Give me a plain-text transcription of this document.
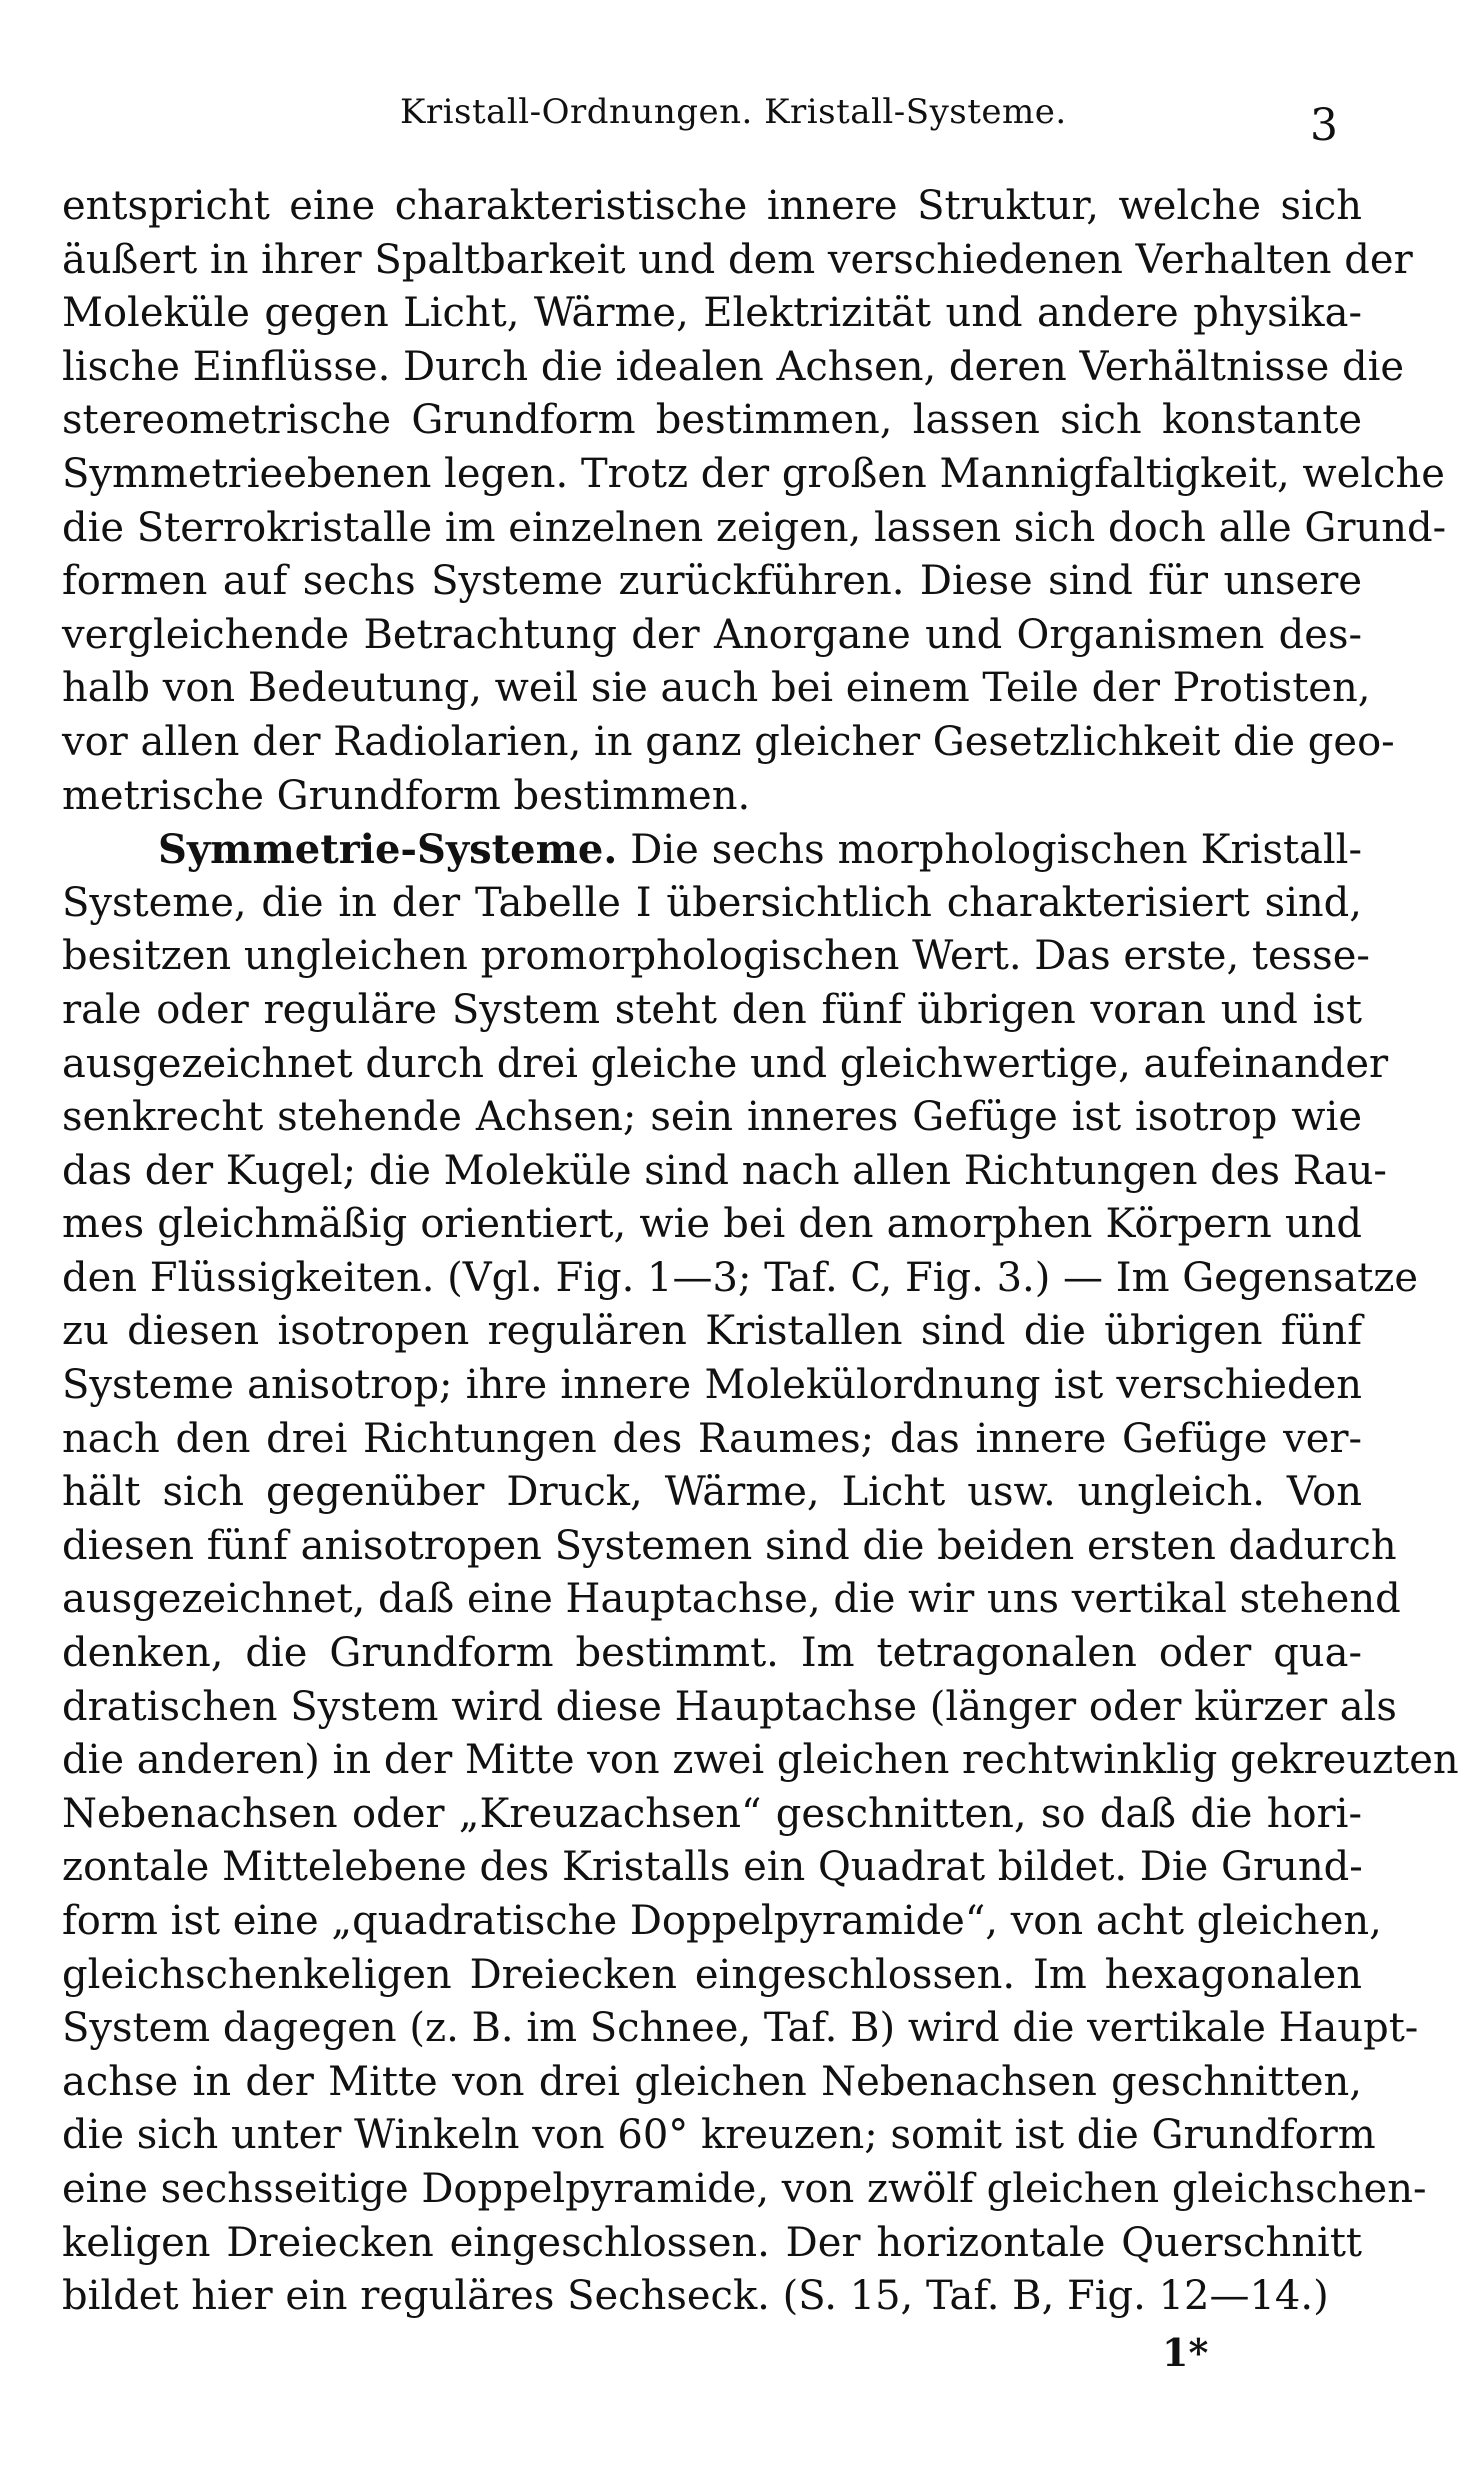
Kristall-Ordnungen. Kristall-Systeme.	3
entspricht eine charakteristische innere Struktur, welche sich
äußert in ihrer Spaltbarkeit und dem verschiedenen Verhalten der
Moleküle gegen Licht, Wärme, Elektrizität und andere physika-
lische Einflüsse. Durch die idealen Achsen, deren Verhältnisse die
stereometrische Grundform bestimmen, lassen sich konstante
Symmetrieebenen legen. Trotz der großen Mannigfaltigkeit, welche
die Sterrokristalle im einzelnen zeigen, lassen sich doch alle Grund-
formen auf sechs Systeme zurückführen. Diese sind für unsere
vergleichende Betrachtung der Anorgane und Organismen des-
halb von Bedeutung, weil sie auch bei einem Teile der Protisten,
vor allen der Radiolarien, in ganz gleicher Gesetzlichkeit die geo-
metrische Grundform bestimmen.
Symmetrie-Systeme. Die sechs morphologischen Kristall-
Systeme, die in der Tabelle I übersichtlich charakterisiert sind,
besitzen ungleichen promorphologischen Wert. Das erste, tesse-
rale oder reguläre System steht den fünf übrigen voran und ist
ausgezeichnet durch drei gleiche und gleichwertige, aufeinander
senkrecht stehende Achsen; sein inneres Gefüge ist isotrop wie
das der Kugel; die Moleküle sind nach allen Richtungen des Rau-
mes gleichmäßig orientiert, wie bei den amorphen Körpern und
den Flüssigkeiten. (Vgl. Fig. 1—3; Taf. C, Fig. 3.) — Im Gegensatze
zu diesen isotropen regulären Kristallen sind die übrigen fünf
Systeme anisotrop; ihre innere Molekülordnung ist verschieden
nach den drei Richtungen des Raumes; das innere Gefüge ver-
hält sich gegenüber Druck, Wärme, Licht usw. ungleich. Von
diesen fünf anisotropen Systemen sind die beiden ersten dadurch
ausgezeichnet, daß eine Hauptachse, die wir uns vertikal stehend
denken, die Grundform bestimmt. Im tetragonalen oder qua-
dratischen System wird diese Hauptachse (länger oder kürzer als
die anderen) in der Mitte von zwei gleichen rechtwinklig gekreuzten
Nebenachsen oder „Kreuzachsen“ geschnitten, so daß die hori-
zontale Mittelebene des Kristalls ein Quadrat bildet. Die Grund-
form ist eine „quadratische Doppelpyramide“, von acht gleichen,
gleichschenkeligen Dreiecken eingeschlossen. Im hexagonalen
System dagegen (z. B. im Schnee, Taf. B) wird die vertikale Haupt-
achse in der Mitte von drei gleichen Nebenachsen geschnitten,
die sich unter Winkeln von 60° kreuzen; somit ist die Grundform
eine sechsseitige Doppelpyramide, von zwölf gleichen gleichschen-
keligen Dreiecken eingeschlossen. Der horizontale Querschnitt
bildet hier ein reguläres Sechseck. (S. 15, Taf. B, Fig. 12—14.)
1*
